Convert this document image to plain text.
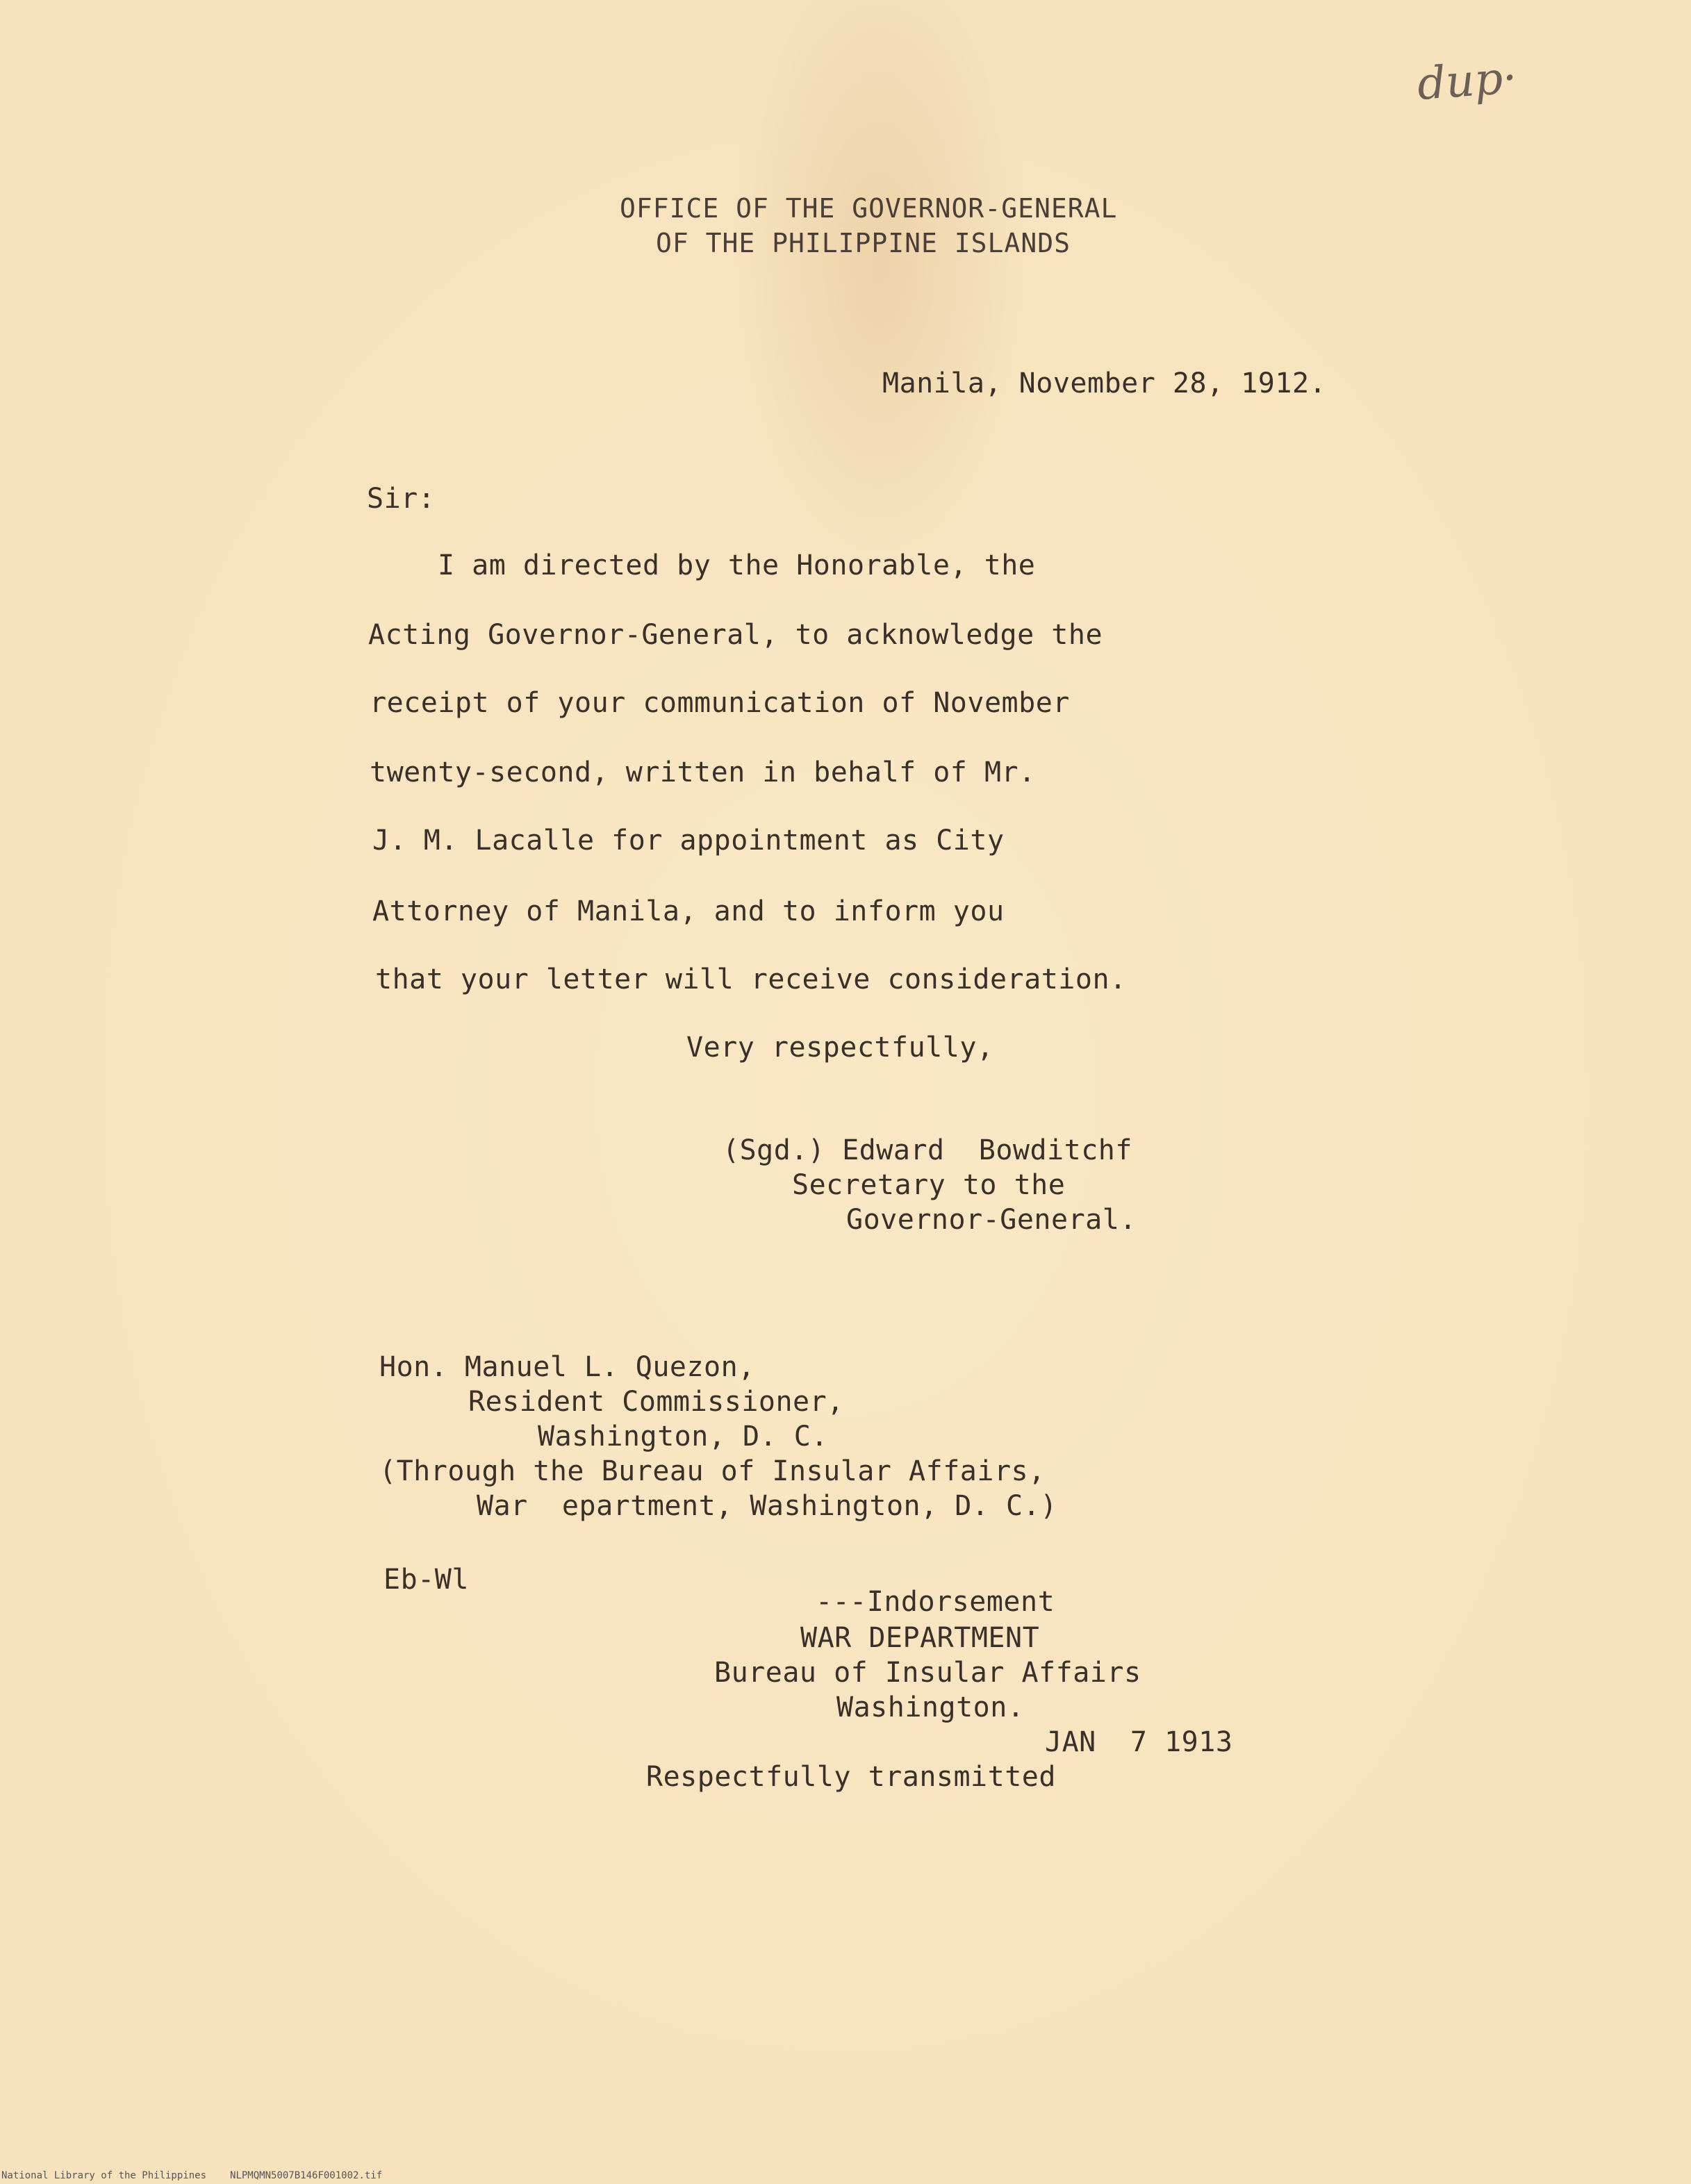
dup·
OFFICE OF THE GOVERNOR-GENERAL
OF THE PHILIPPINE ISLANDS
Manila, November 28, 1912.
Sir:
I am directed by the Honorable, the
Acting Governor-General, to acknowledge the
receipt of your communication of November
twenty-second, written in behalf of Mr.
J. M. Lacalle for appointment as City
Attorney of Manila, and to inform you
that your letter will receive consideration.
Very respectfully,
(Sgd.) Edward  Bowditchf
Secretary to the
Governor-General.
Hon. Manuel L. Quezon,
Resident Commissioner,
Washington, D. C.
(Through the Bureau of Insular Affairs,
War  epartment, Washington, D. C.)
Eb-Wl
---Indorsement
WAR DEPARTMENT
Bureau of Insular Affairs
Washington.
JAN  7 1913
Respectfully transmitted
National Library of the Philippines NLPMQMN5007B146F001002.tif
